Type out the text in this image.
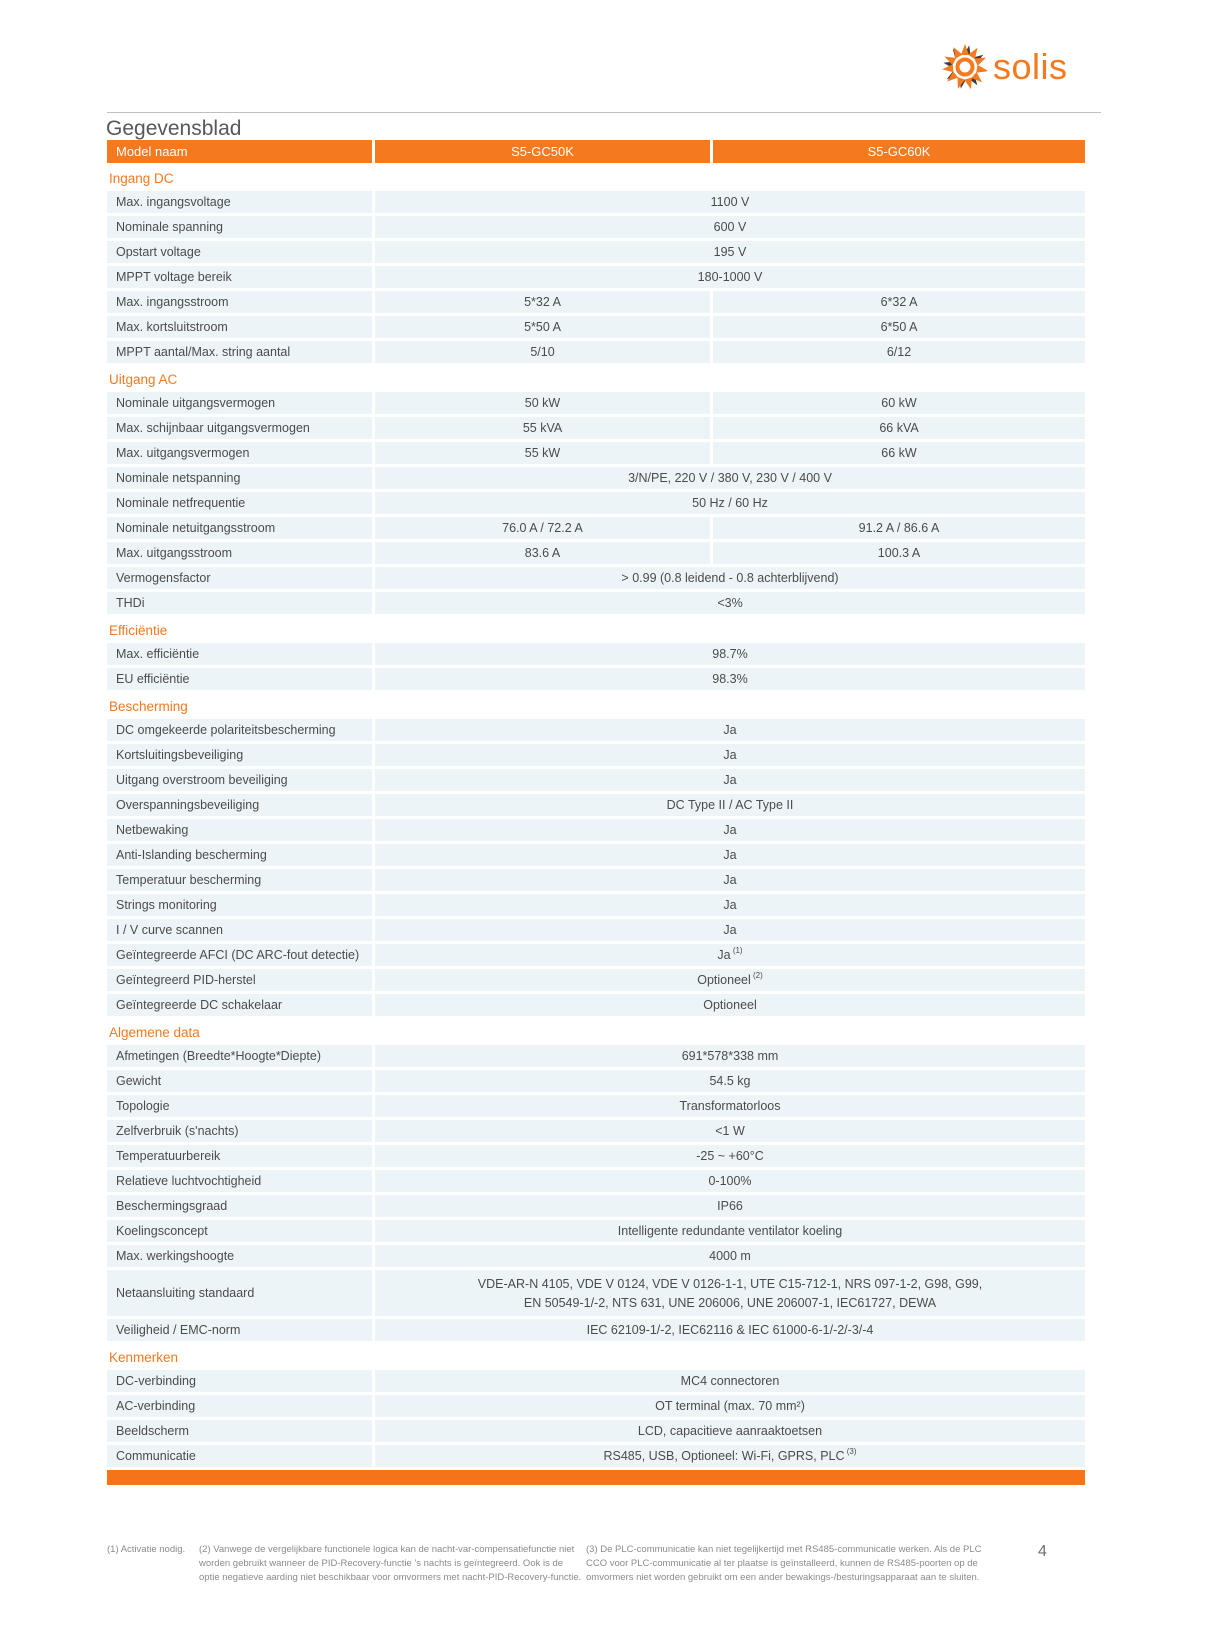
solis
Gegevensblad
Model naam	S5-GC50K	S5-GC60K
Ingang DC
Max. ingangsvoltage	1100 V
Nominale spanning	600 V
Opstart voltage	195 V
MPPT voltage bereik	180-1000 V
Max. ingangsstroom	5*32 A	6*32 A
Max. kortsluitstroom	5*50 A	6*50 A
MPPT aantal/Max. string aantal	5/10	6/12
Uitgang AC
Nominale uitgangsvermogen	50 kW	60 kW
Max. schijnbaar uitgangsvermogen	55 kVA	66 kVA
Max. uitgangsvermogen	55 kW	66 kW
Nominale netspanning	3/N/PE, 220 V / 380 V, 230 V / 400 V
Nominale netfrequentie	50 Hz / 60 Hz
Nominale netuitgangsstroom	76.0 A / 72.2 A	91.2 A / 86.6 A
Max. uitgangsstroom	83.6 A	100.3 A
Vermogensfactor	> 0.99 (0.8 leidend - 0.8 achterblijvend)
THDi	<3%
Efficiëntie
Max. efficiëntie	98.7%
EU efficiëntie	98.3%
Bescherming
DC omgekeerde polariteitsbescherming	Ja
Kortsluitingsbeveiliging	Ja
Uitgang overstroom beveiliging	Ja
Overspanningsbeveiliging	DC Type II / AC Type II
Netbewaking	Ja
Anti-Islanding bescherming	Ja
Temperatuur bescherming	Ja
Strings monitoring	Ja
I / V curve scannen	Ja
Geïntegreerde AFCI (DC ARC-fout detectie)	Ja $^{(1)}$
Geïntegreerd PID-herstel	Optioneel $^{(2)}$
Geïntegreerde DC schakelaar	Optioneel
Algemene data
Afmetingen (Breedte*Hoogte*Diepte)	691*578*338 mm
Gewicht	54.5 kg
Topologie	Transformatorloos
Zelfverbruik (s'nachts)	<1 W
Temperatuurbereik	-25 ~ +60°C
Relatieve luchtvochtigheid	0-100%
Beschermingsgraad	IP66
Koelingsconcept	Intelligente redundante ventilator koeling
Max. werkingshoogte	4000 m
Netaansluiting standaard
VDE-AR-N 4105, VDE V 0124, VDE V 0126-1-1, UTE C15-712-1, NRS 097-1-2, G98, G99,
EN 50549-1/-2, NTS 631, UNE 206006, UNE 206007-1, IEC61727, DEWA
Veiligheid / EMC-norm	IEC 62109-1/-2, IEC62116 & IEC 61000-6-1/-2/-3/-4
Kenmerken
DC-verbinding	MC4 connectoren
AC-verbinding	OT terminal (max. 70 mm²)
Beeldscherm	LCD, capacitieve aanraaktoetsen
Communicatie	RS485, USB, Optioneel: Wi-Fi, GPRS, PLC $^{(3)}$
(1) Activatie nodig.	(2) Vanwege de vergelijkbare functionele logica kan de nacht-var-compensatiefunctie niet worden gebruikt wanneer de PID-Recovery-functie 's nachts is geïntegreerd. Ook is de optie negatieve aarding niet beschikbaar voor omvormers met nacht-PID-Recovery-functie.
(3) De PLC-communicatie kan niet tegelijkertijd met RS485-communicatie werken. Als de PLC CCO voor PLC-communicatie al ter plaatse is geïnstalleerd, kunnen de RS485-poorten op de omvormers niet worden gebruikt om een ander bewakings-/besturingsapparaat aan te sluiten.
4
